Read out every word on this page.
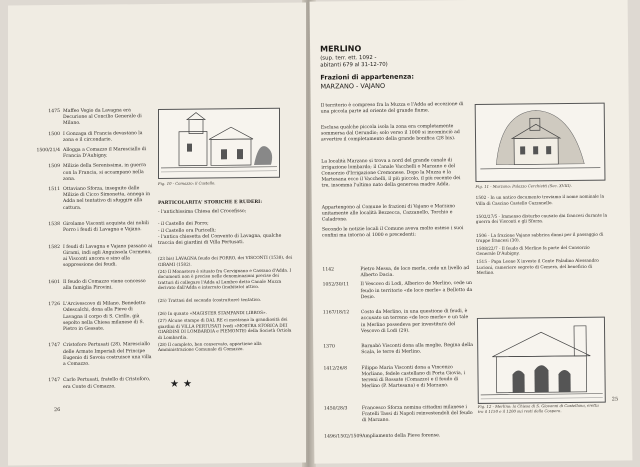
1475 Maffeo Vegio da Lavagna era Decurione al Concilio Generale di Milano.
1500 I Gonzaga di Francia devastano la zona e il circondario.
1500/21/4 Allogga a Comazzo il Maresciallo di Francia D'Aubigny.
1509 Milizie della Serenissima, in guerra con la Francia, si accampano nella zona.
1511 Ottaviano Sforza, inseguito dalle Milizie di Cicco Simonetta, annega in Adda nel tentativo di sfuggire alla cattura.
1538 Girolamo Visconti acquista dai nobili Porro i feudi di Lavagna e Vajano.
1582 I feudi di Lavagna e Vajano passano ai Girami, indi agli Anguissola Cormeno, ai Visconti ancora e sino alla soppressione dei feudi.
1601 Il feudo di Comazzo viene concesso alla famiglia Pirovini.
1726 L'Arcivescovo di Milano, Benedetto Odescalchi, dona alla Pieve di Lavagna il corpo di S. Cirillo, già sepolto nella Chiesa milanese di S. Pietro in Gessate.
1747 Cristoforo Pertusati (28), Maresciallo delle Armate Imperiali del Principe Eugenio di Savoia costruisce una villa a Comazzo.
1747 Carlo Pertusati, fratello di Cristoforo, era Conte di Comazzo.
Fig. 10 - Comazzo: il Castello.
PARTICOLARITA' STORICHE E RUDERI:
- l'antichissima Chiesa del Crocefisso;
- il Castello dei Porro;
- il Castello ora Puricelli;
- l'antica chiesetta del Convento di Lavagna, qualche traccia dei giardini di Villa Pertusati.
(23 bis) LAVAGNA feudo dei PORRO, dei VISCONTI (1538), dei GIRAMI (1582).
(24) Il Monastero è situato fra Cervignano e Cassano d'Adda. I documenti non è preciso nelle denominazioni precise dei tratturi di collegare l'Adda al Lambro detto Canale Muzza derivato dall'Adda e interrato (inabitato) attivo.
(25) Trattasi del secondo (costruttore) tentativo.
(26) In quanto «MAGISTER STAMPANDI LIBROS».
(27) Alcune stampe di DAL RE ci mostrano la grandiosità dei giardini di VILLA PERTUSATI (vedi «MOSTRA STORICA DEI GIARDINI DI LOMBARDIA e PIEMONTE) della Società Ortiola di Lombardia.
(28) Il completo, ben conservato, appartiene alla Amministrazione Comunale di Comazzo.
★★
26
MERLINO
(sup. terr. ett. 1092 -
abitanti 679 al 31-12-70)
Frazioni di appartenenza:
MARZANO - VAJANO
Il territorio è compreso fra la Muzza e l'Adda ad eccezione di una piccola parte ad oriente del grande fiume.
Esclusa qualche piccola isola la zona era completamente sommersa dal Gerundio; solo verso il 1000 si incominciò ad avvertire il completamento della grande bonifica (28 bis).
La località Marzano si trova a nord del grande canale di irrigazione lombardo; il Canale Vacchelli o Marzano e del Consorzio d'Irrigazione Cremonese. Dopo la Muzza e la Martesana ecco il Vacchelli, il più piccolo, il più recente dei tre, insomma l'ultimo nato della generosa madre Adda.
Appartengono al Comune le frazioni di Vajano e Marzano unitamente alle località Bezzecca, Cazzanello, Torchio e Caladrone.
Secondo le notizie locali il Comune aveva molto esteso i suoi confini ma intorno al 1000 e precedenti:
1142	Pietro Messa, de loco merle, cede un livello ad Alberto Dacia.
1052/30/11	Il Vescovo di Lodi, Alberico de Merlino, cede un feudo in territorio «de loco merle» a Bellotto da Desio.
1167/18/12	Costo da Merlino, in una questione di feudi, è accusato un terreno «de loco merle» e un tale in Merlino possedeva per investitura del Vescovo di Lodi (29).
1370	Barnabò Visconti dona alla moglie, Regina della Scala, le terre di Merlino.
1412/26/8	Filippo Maria Visconti dona a Vincenzo Morliano, fedele castellano di Porta Giovia, i terreni di Rossate (Comazzo) e il feudo di Merlino (P. Martesana) e di Marzano.
1450/28/3	Francesco Sforza nomina cittadini milanese i Fratelli Tassi di Napoli reinvestendoli del feudo di Marzano.
1496/1502/1509 Ampliamento della Pieve forense.
Fig. 11 - Marzano: Palazzo Cerchietti (Sec. XVIII).
1502 - In un antico documento troviamo il nome nominale la Villa di Cascino Castello Cazzanello.
1502/27/5 - Immenso disturbo causato dai francesi durante la guerra dei Visconti e gli Sforza.
1506 - La frazione Vajano sabbrica danni per il passaggio di truppe francesi (30).
1508/22/7 - Il feudo di Merlino fa parte del Consorzio Generale D'Aubigny.
1515 - Papa Leone X investe il Conte Paladino Alessandro Lucioni, cameriere segreto di Cemera, del beneficio di Merlino.
Fig. 12 - Merlino: la Chiesa di S. Giovanni di Castellana, eretta tra il 1150 e il 1200 sui resti della Cospera.
25
